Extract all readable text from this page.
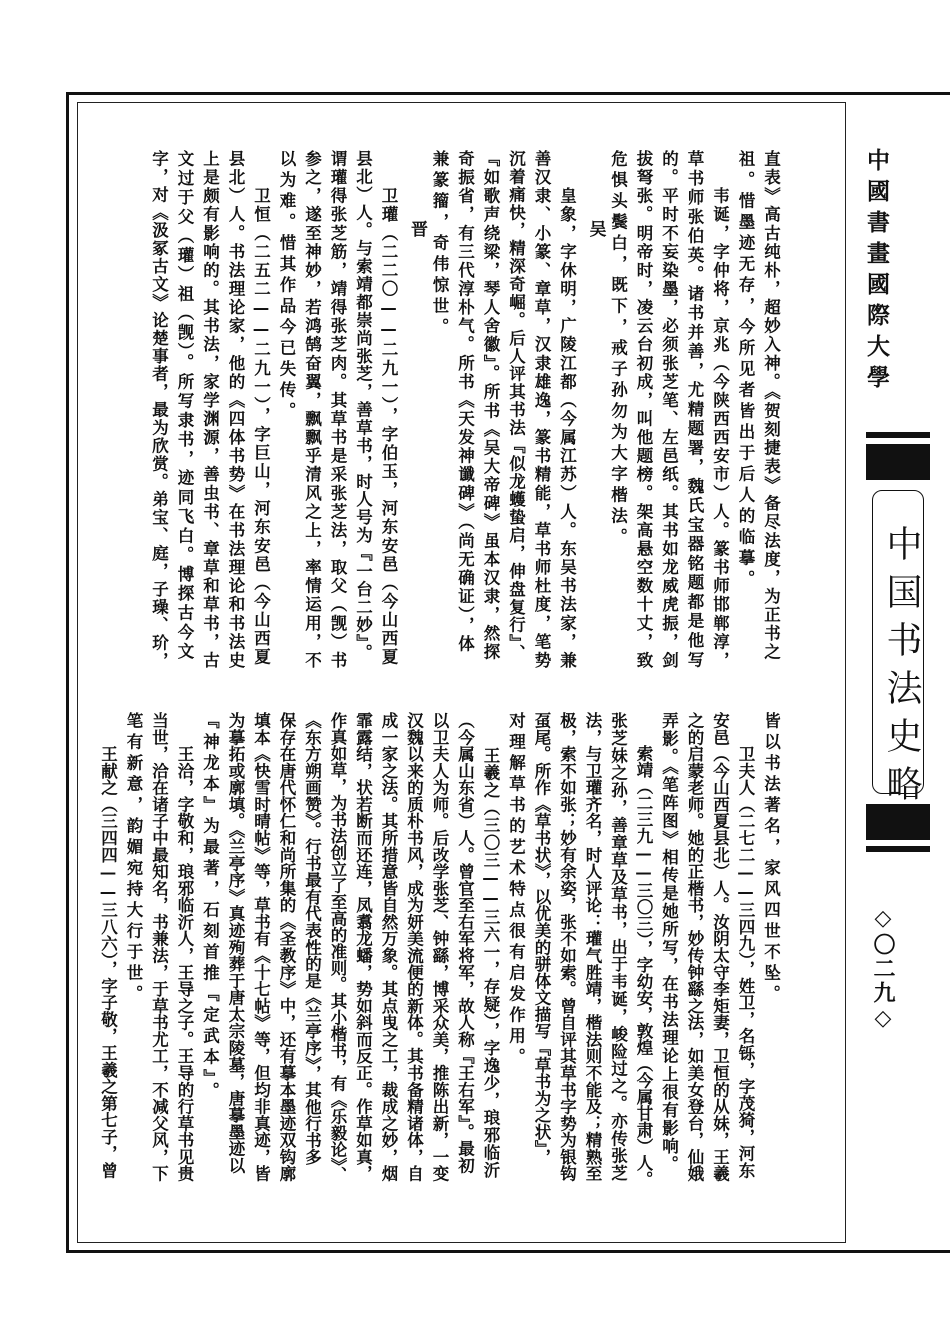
中國書畫國際大學
中国书法史略
◇〇二九◇
直表》高古纯朴，超妙入神。《贺刻捷表》备尽法度，为正书之
祖。惜墨迹无存，今所见者皆出于后人的临摹。
　　韦诞，字仲将，京兆（今陕西西安市）人。篆书师邯郸淳，
草书师张伯英。诸书并善，尤精题署，魏氏宝器铭题都是他写
的。平时不妄染墨，必须张芝笔、左邑纸。其书如龙威虎振，剑
拔弩张。明帝时，凌云台初成，叫他题榜。架高悬空数十丈，致
危惧头鬓白，既下，戒子孙勿为大字楷法。
吴
　　皇象，字休明，广陵江都（今属江苏）人。东吴书法家，兼
善汉隶、小篆、章草，汉隶雄逸，篆书精能，草书师杜度，笔势
沉着痛快，精深奇崛。后人评其书法『似龙蠖蛰启，伸盘复行』、
『如歌声绕梁，琴人舍徽』。所书《吴大帝碑》虽本汉隶，然探
奇振省，有三代淳朴气。所书《天发神谶碑》（尚无确证），体
兼篆籀，奇伟惊世。
晋
　　卫瓘（二二〇——二九一），字伯玉，河东安邑（今山西夏
县北）人。与索靖都崇尚张芝，善草书，时人号为『一台二妙』。
谓瓘得张芝筋，靖得张芝肉。其草书是采张芝法，取父（觊）书
参之，遂至神妙，若鸿鹄奋翼，飘飘乎清风之上，率情运用，不
以为难。惜其作品今已失传。
　　卫恒（二五二——二九一），字巨山，河东安邑（今山西夏
县北）人。书法理论家，他的《四体书势》在书法理论和书法史
上是颇有影响的。其书法，家学渊源，善虫书、章草和草书，古
文过于父（瓘）祖（觊）。所写隶书，迹同飞白。博探古今文
字，对《汲冢古文》论楚事者，最为欣赏。弟宝、庭，子璪、玠，
皆以书法著名，家风四世不坠。
　　卫夫人（二七二——三四九），姓卫，名铄，字茂猗，河东
安邑（今山西夏县北）人。汝阴太守李矩妻，卫恒的从妹，王羲
之的启蒙老师。她的正楷书，妙传钟繇之法，如美女登台，仙娥
弄影。《笔阵图》相传是她所写，在书法理论上很有影响。
　　索靖（二三九——三〇三），字幼安，敦煌（今属甘肃）人。
张芝妹之孙，善章草及草书，出于韦诞，峻险过之。亦传张芝
法，与卫瓘齐名，时人评论：瓘气胜靖，楷法则不能及；精熟至
极，索不如张；妙有余姿，张不如索。曾自评其草书字势为银钩
虿尾。所作《草书状》，以优美的骈体文描写『草书为之状』，
对理解草书的艺术特点很有启发作用。
　　王羲之（三〇三——三六一，存疑），字逸少，琅邪临沂
（今属山东省）人。曾官至右军将军，故人称『王右军』。最初
以卫夫人为师。后改学张芝、钟繇，博采众美，推陈出新，一变
汉魏以来的质朴书风，成为妍美流便的新体。其书备精诸体，自
成一家之法。其所措意皆自然万象。其点曳之工，裁成之妙，烟
霏露结，状若断而还连，凤翥龙蟠，势如斜而反正。作草如真，
作真如草，为书法创立了至高的准则。其小楷书，有《乐毅论》、
《东方朔画赞》。行书最有代表性的是《兰亭序》，其他行书多
保存在唐代怀仁和尚所集的《圣教序》中，还有摹本墨迹双钩廓
填本《快雪时晴帖》等，草书有《十七帖》等，但均非真迹，皆
为摹拓或廓填。《兰亭序》真迹殉葬于唐太宗陵墓，唐摹墨迹以
『神龙本』为最著，石刻首推『定武本』。
　　王洽，字敬和，琅邪临沂人，王导之子。王导的行草书见贵
当世，洽在诸子中最知名，书兼法，于草书尤工，不减父风，下
笔有新意，韵媚宛持大行于世。
　　王献之（三四四——三八六），字子敬，王羲之第七子，曾
